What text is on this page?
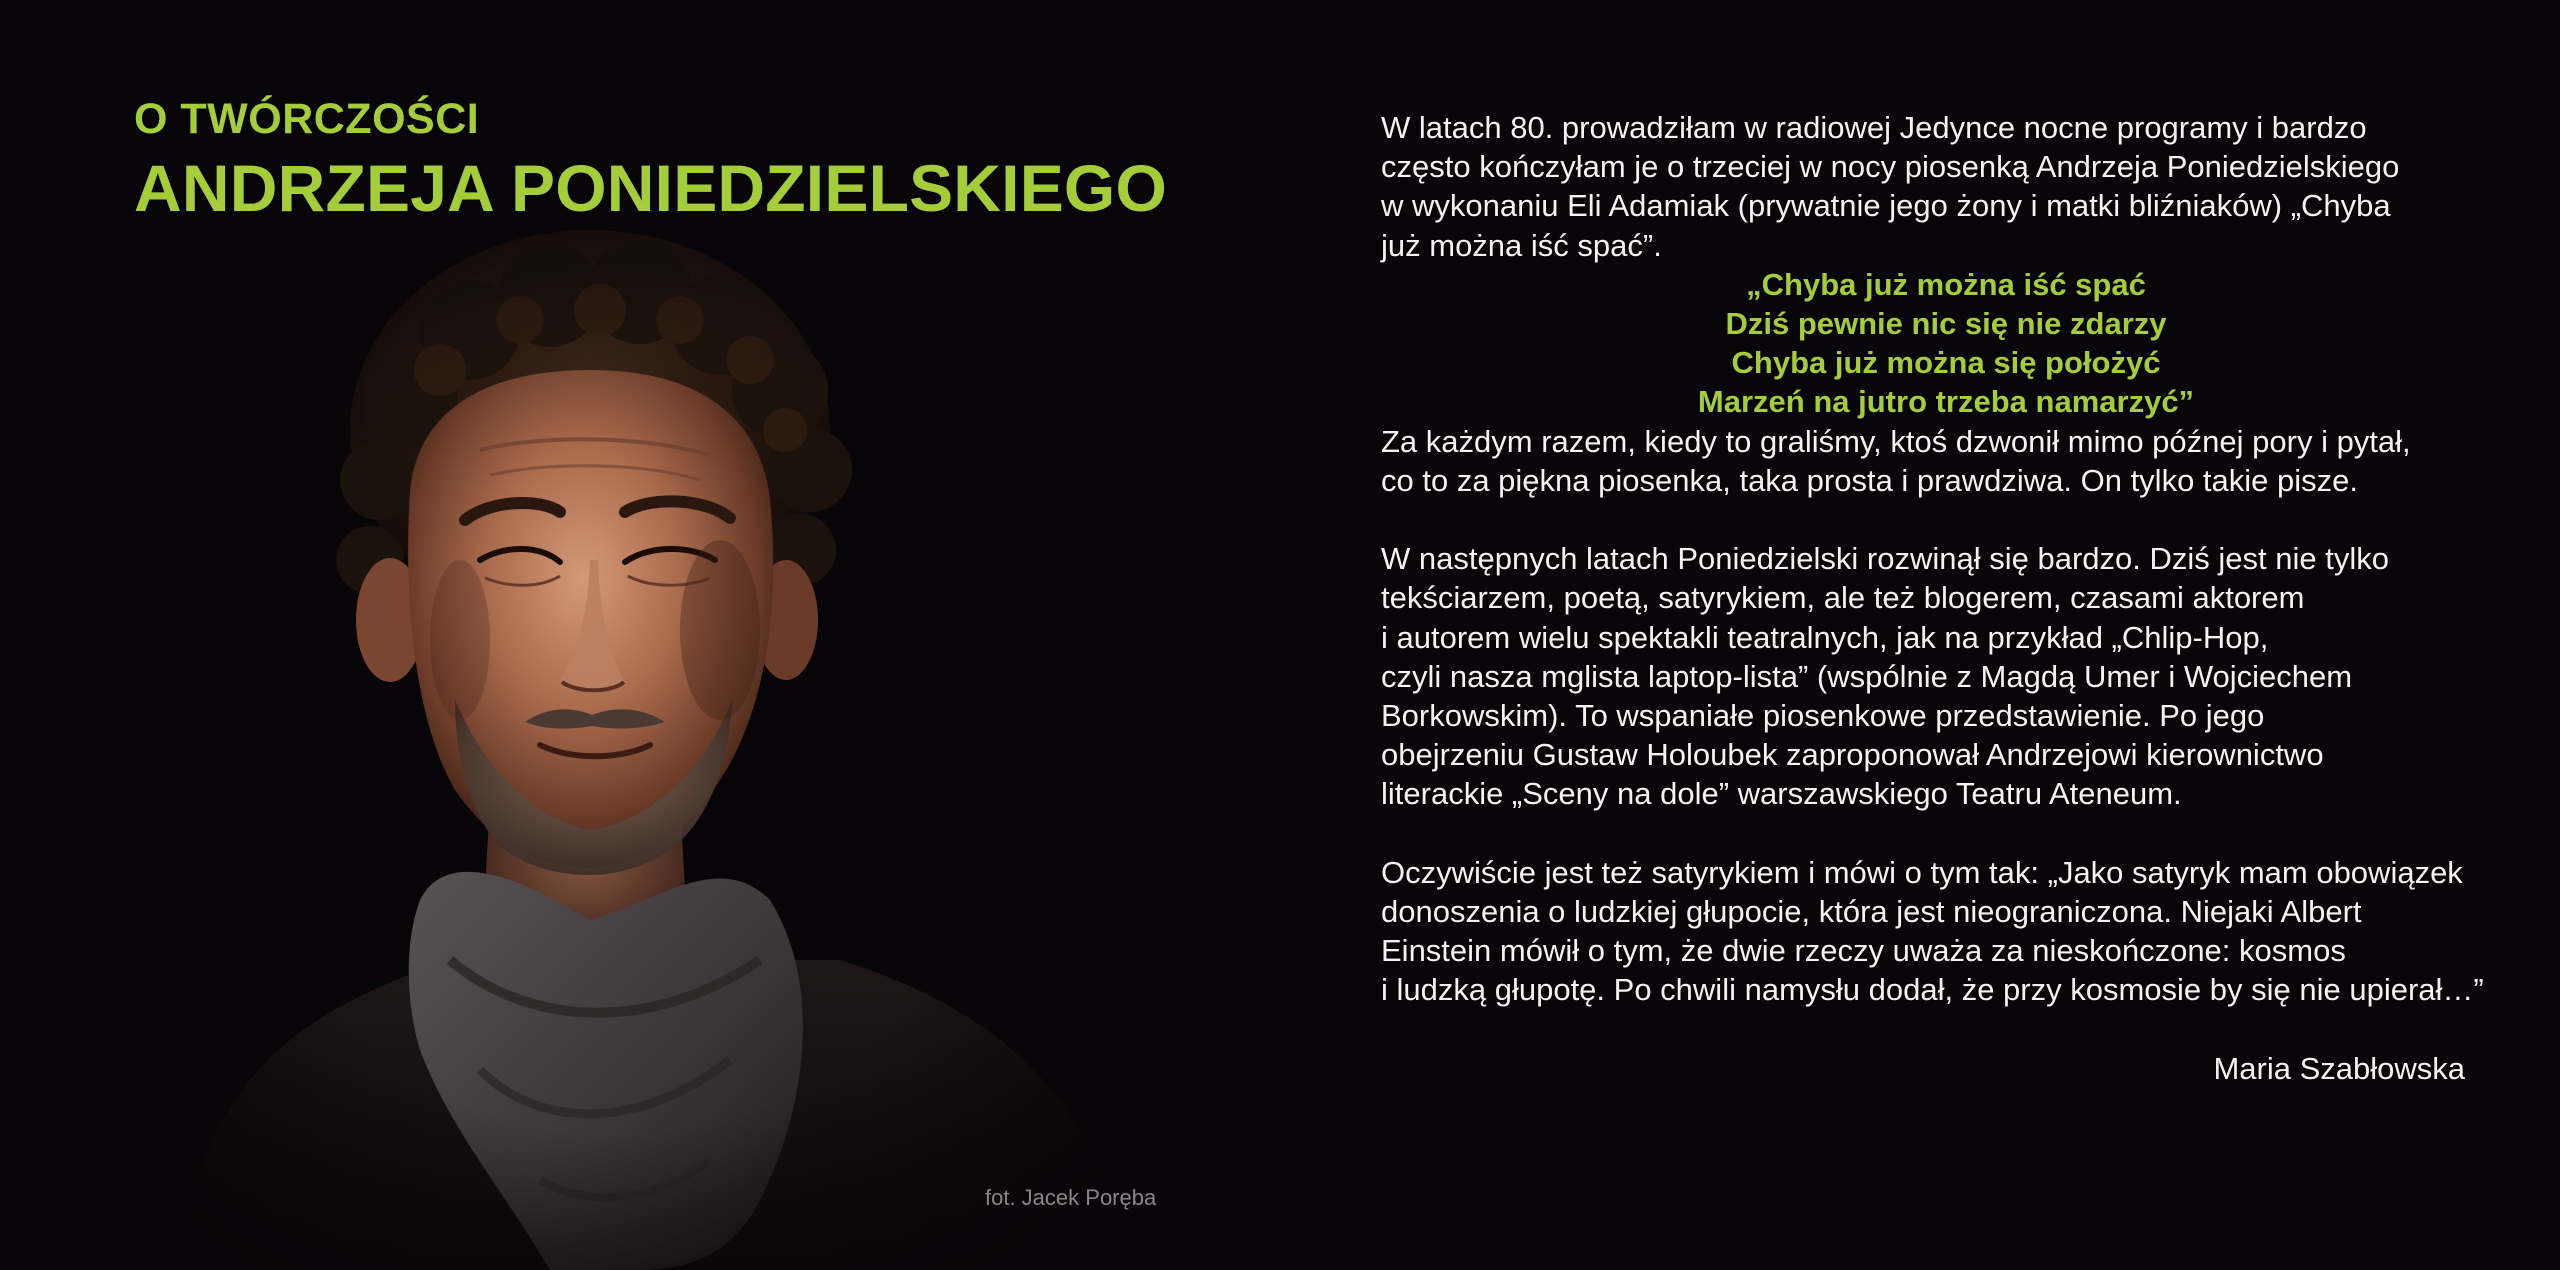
O TWÓRCZOŚCI
ANDRZEJA PONIEDZIELSKIEGO
fot. Jacek Poręba
W latach 80. prowadziłam w radiowej Jedynce nocne programy i bardzo
często kończyłam je o trzeciej w nocy piosenką Andrzeja Poniedzielskiego
w wykonaniu Eli Adamiak (prywatnie jego żony i matki bliźniaków) „Chyba
już można iść spać”.
„Chyba już można iść spać
Dziś pewnie nic się nie zdarzy
Chyba już można się położyć
Marzeń na jutro trzeba namarzyć”
Za każdym razem, kiedy to graliśmy, ktoś dzwonił mimo późnej pory i pytał,
co to za piękna piosenka, taka prosta i prawdziwa. On tylko takie pisze.
W następnych latach Poniedzielski rozwinął się bardzo. Dziś jest nie tylko
tekściarzem, poetą, satyrykiem, ale też blogerem, czasami aktorem
i autorem wielu spektakli teatralnych, jak na przykład „Chlip-Hop,
czyli nasza mglista laptop-lista” (wspólnie z Magdą Umer i Wojciechem
Borkowskim). To wspaniałe piosenkowe przedstawienie. Po jego
obejrzeniu Gustaw Holoubek zaproponował Andrzejowi kierownictwo
literackie „Sceny na dole” warszawskiego Teatru Ateneum.
Oczywiście jest też satyrykiem i mówi o tym tak: „Jako satyryk mam obowiązek
donoszenia o ludzkiej głupocie, która jest nieograniczona. Niejaki Albert
Einstein mówił o tym, że dwie rzeczy uważa za nieskończone: kosmos
i ludzką głupotę. Po chwili namysłu dodał, że przy kosmosie by się nie upierał…”
Maria Szabłowska
